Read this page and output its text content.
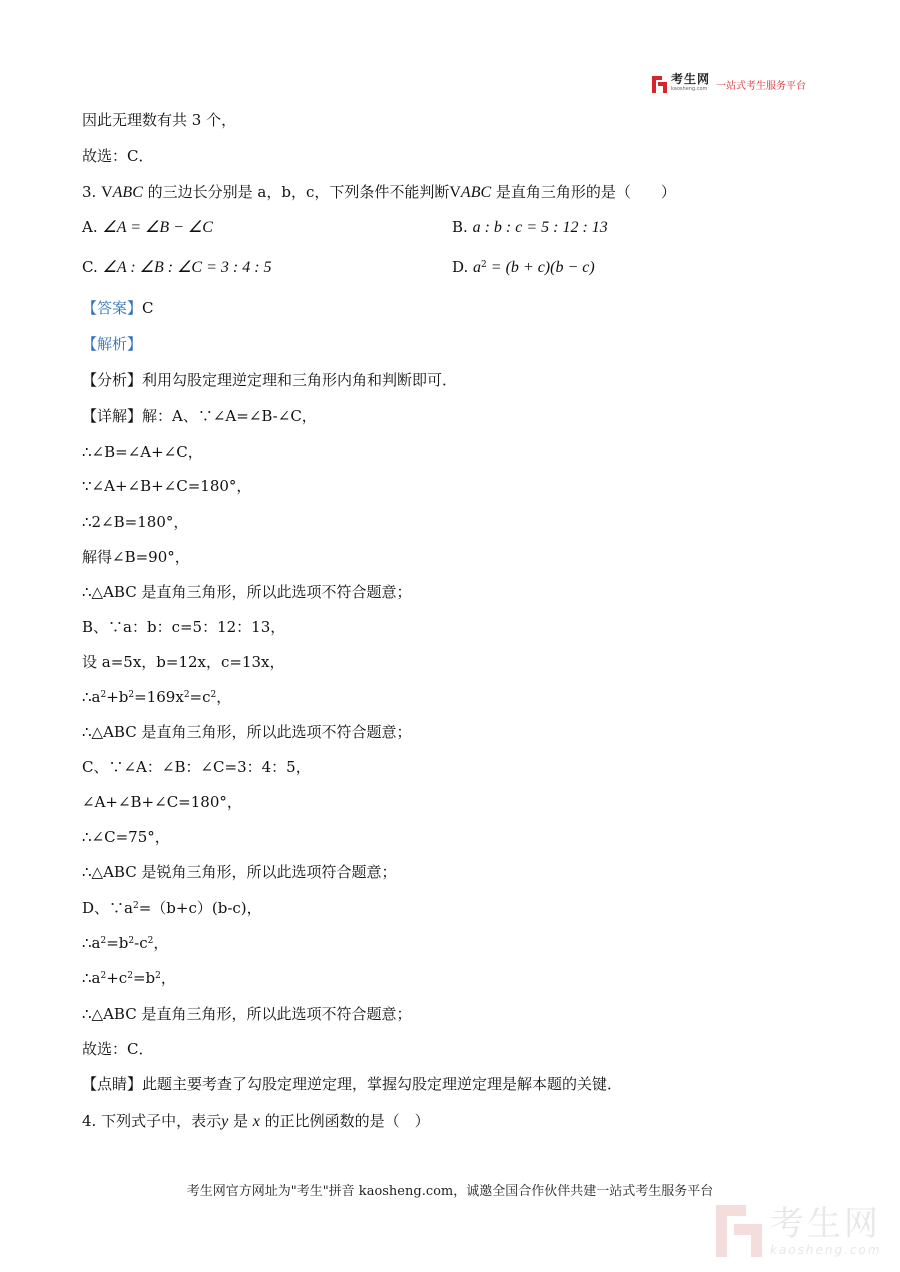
考生网
kaosheng.com 一站式考生服务平台
因此无理数有共 3 个，
故选：C．
3. VABC 的三边长分别是 a，b，c，下列条件不能判断VABC 是直角三角形的是（　　）
A. ∠A = ∠B − ∠C	B. a : b : c = 5 : 12 : 13
C. ∠A : ∠B : ∠C = 3 : 4 : 5	D. $a^2 = (b + c)(b - c)$
【答案】C
【解析】
【分析】利用勾股定理逆定理和三角形内角和判断即可．
【详解】解：A、∵∠A=∠B-∠C，
∴∠B=∠A+∠C，
∵∠A+∠B+∠C=180°，
∴2∠B=180°，
解得∠B=90°，
∴△ABC 是直角三角形，所以此选项不符合题意；
B、∵a：b：c=5：12：13，
设 a=5x，b=12x，c=13x，
$\therefore a^2+b^2=169x^2=c^2$，
∴△ABC 是直角三角形，所以此选项不符合题意；
C、∵∠A：∠B：∠C=3：4：5，
∠A+∠B+∠C=180°，
∴∠C=75°，
∴△ABC 是锐角三角形，所以此选项符合题意；
D、$\because a^2=(b+c)(b-c)$，
$\therefore a^2=b^2-c^2$，
$\therefore a^2+c^2=b^2$，
∴△ABC 是直角三角形，所以此选项不符合题意；
故选：C．
【点睛】此题主要考查了勾股定理逆定理，掌握勾股定理逆定理是解本题的关键．
4. 下列式子中，表示y 是 x 的正比例函数的是（　）
考生网官方网址为"考生"拼音 kaosheng.com，诚邀全国合作伙伴共建一站式考生服务平台
考生网
kaosheng.com
